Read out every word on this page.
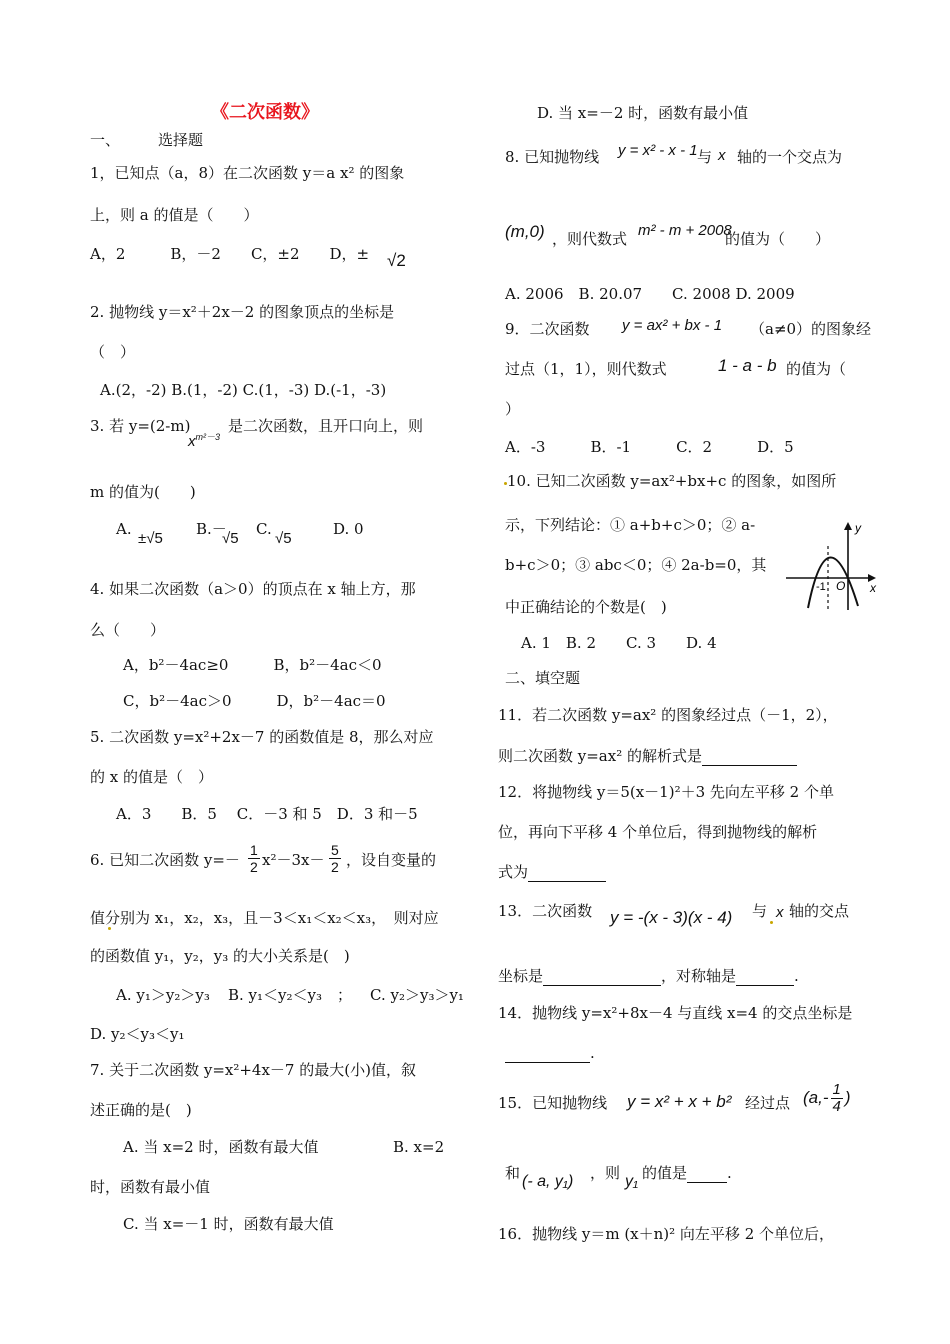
《二次函数》
一、	选择题
1，已知点（a，8）在二次函数 y＝a x² 的图象
上，则 a 的值是（　　）
A，2　　　B，－2　　C，±2　　D，± √2
2. 抛物线 y＝x²＋2x－2 的图象顶点的坐标是
（　）
A.(2，-2) B.(1，-2) C.(1，-3) D.(-1，-3)
3. 若 y=(2-m)
$x^{m^2-3}$
是二次函数，且开口向上，则
m 的值为(　　)
A.
±√5
B.－
√5
C.
√5
D. 0
4. 如果二次函数（a＞0）的顶点在 x 轴上方，那
么（　　）
A，b²－4ac≥0　　　B，b²－4ac＜0
C，b²－4ac＞0　　　D，b²－4ac＝0
5. 二次函数 y=x²+2x－7 的函数值是 8，那么对应
的 x 的值是（　）
A．3　　B．5　 C．－3 和 5　D．3 和－5
6. 已知二次函数 $y=- \frac{1}{2} x^2-3x- \frac{5}{2}$ ，设自变量的
值分别为 x₁，x₂，x₃，且－3＜x₁＜x₂＜x₃，　则对应
的函数值 y₁，y₂，y₃ 的大小关系是(　)
A. y₁＞y₂＞y₃ B. y₁＜y₂＜y₃　； C. y₂＞y₃＞y₁
D. y₂＜y₃＜y₁
7. 关于二次函数 y=x²+4x－7 的最大(小)值，叙
述正确的是(　)
A. 当 x=2 时，函数有最大值	B. x=2
时，函数有最小值
C. 当 x=－1 时，函数有最大值
D. 当 x=－2 时，函数有最小值
8. 已知抛物线 y = x² - x - 1 与 x 轴的一个交点为
(m,0) ，则代数式 m² - m + 2008
的值为（　　）
A. 2006　B. 20.07　　C. 2008 D. 2009
9．二次函数 y = ax² + bx - 1 （a≠0）的图象经
过点（1，1），则代数式	1 - a - b 的值为（
）
A．-3　　　B．-1　　　C．2　　　D．5
10. 已知二次函数 y=ax²+bx+c 的图象，如图所
示，下列结论：① a+b+c＞0；② a-
b+c＞0；③ abc＜0；④ 2a-b=0，其
中正确结论的个数是(　)
A. 1　B. 2　　C. 3　　D. 4
y
x
-1 O
二、填空题
11．若二次函数 y=ax² 的图象经过点（－1，2），
则二次函数 y=ax² 的解析式是
12．将抛物线 y＝5(x－1)²＋3 先向左平移 2 个单
位，再向下平移 4 个单位后，得到抛物线的解析
式为
13．二次函数 y = -(x - 3)(x - 4) 与 x 轴的交点
坐标是	，对称轴是	.
14．抛物线 y=x²+8x－4 与直线 x=4 的交点坐标是
.
15．已知抛物线 y = x² + x + b² 经过点 ($a,- \frac{1}{4}$ )
和 (- a, y₁) ，则 y₁ 的值是	.
16．抛物线 y＝m (x＋n)² 向左平移 2 个单位后，
